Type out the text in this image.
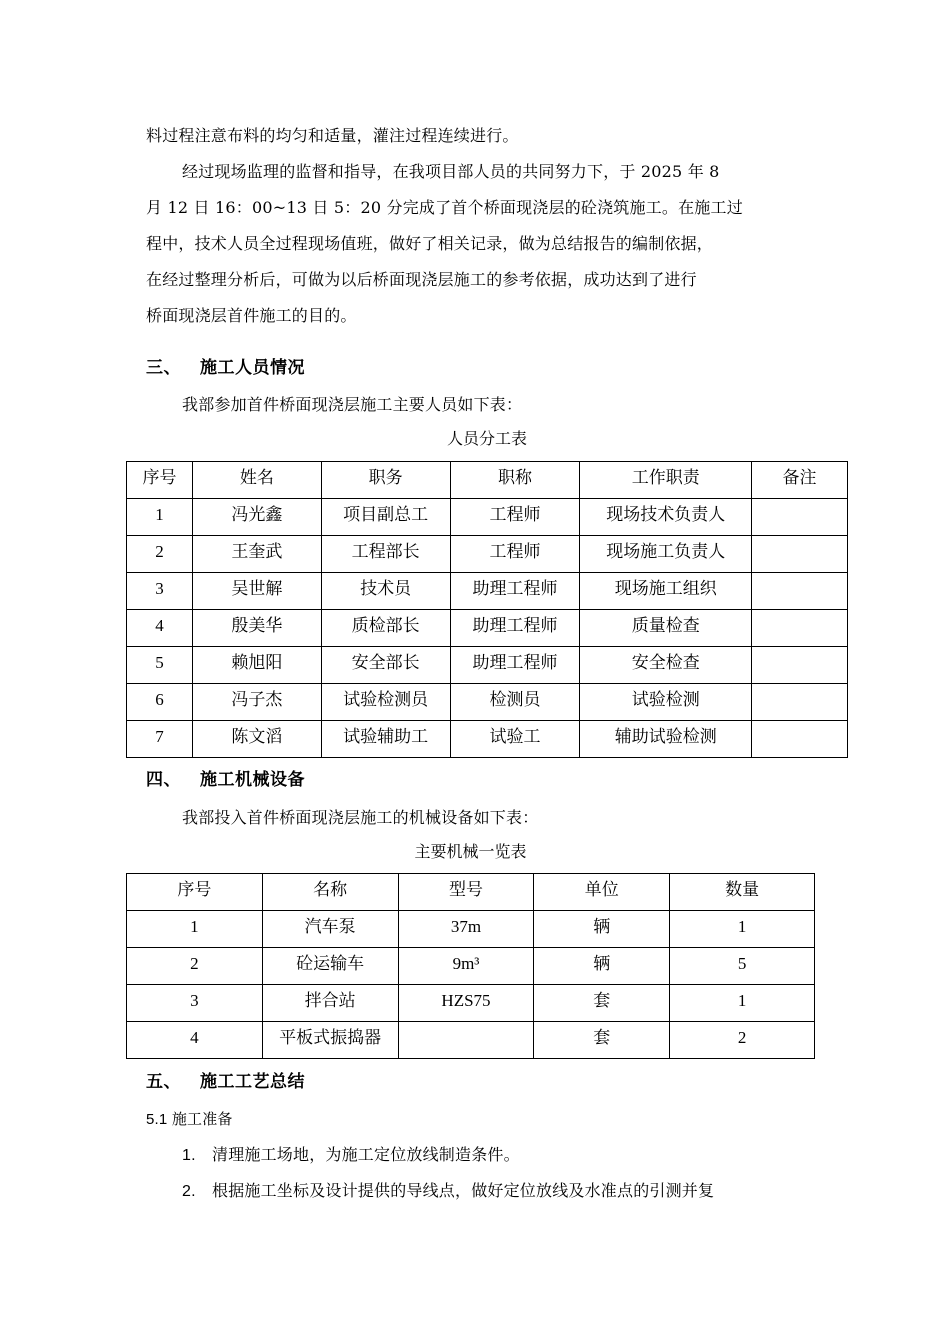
料过程注意布料的均匀和适量，灌注过程连续进行。
经过现场监理的监督和指导，在我项目部人员的共同努力下，于 2025 年 8
月 12 日 16：00~13 日 5：20 分完成了首个桥面现浇层的砼浇筑施工。在施工过
程中，技术人员全过程现场值班，做好了相关记录，做为总结报告的编制依据，
在经过整理分析后，可做为以后桥面现浇层施工的参考依据，成功达到了进行
桥面现浇层首件施工的目的。
三、 施工人员情况
我部参加首件桥面现浇层施工主要人员如下表：
人员分工表
序号	姓名	职务	职称	工作职责	备注
1	冯光鑫	项目副总工	工程师	现场技术负责人	
2	王奎武	工程部长	工程师	现场施工负责人	
3	吴世解	技术员	助理工程师	现场施工组织	
4	殷美华	质检部长	助理工程师	质量检查	
5	赖旭阳	安全部长	助理工程师	安全检查	
6	冯子杰	试验检测员	检测员	试验检测	
7	陈文滔	试验辅助工	试验工	辅助试验检测	
四、 施工机械设备
我部投入首件桥面现浇层施工的机械设备如下表：
主要机械一览表
序号	名称	型号	单位	数量
1	汽车泵	37m	辆	1
2	砼运输车	9m³	辆	5
3	拌合站	HZS75	套	1
4	平板式振捣器		套	2
五、 施工工艺总结
5.1 施工准备
1. 清理施工场地，为施工定位放线制造条件。
2. 根据施工坐标及设计提供的导线点，做好定位放线及水准点的引测并复
